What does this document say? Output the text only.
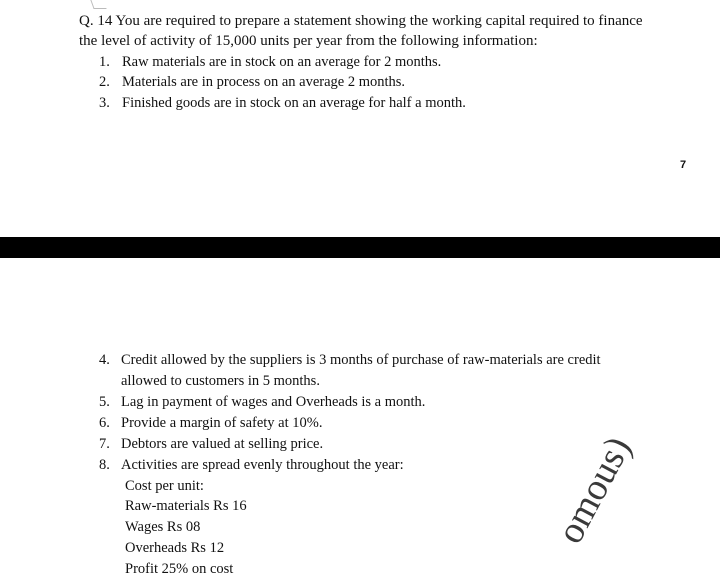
Q. 14 You are required to prepare a statement showing the working capital required to finance
the level of activity of 15,000 units per year from the following information:
1. Raw materials are in stock on an average for 2 months.
2. Materials are in process on an average 2 months.
3. Finished goods are in stock on an average for half a month.
7
4. Credit allowed by the suppliers is 3 months of purchase of raw-materials are credit
allowed to customers in 5 months.
5. Lag in payment of wages and Overheads is a month.
6. Provide a margin of safety at 10%.
7. Debtors are valued at selling price.
8. Activities are spread evenly throughout the year:
Cost per unit:
Raw-materials Rs 16
Wages Rs 08
Overheads Rs 12
Profit 25% on cost
omous)
